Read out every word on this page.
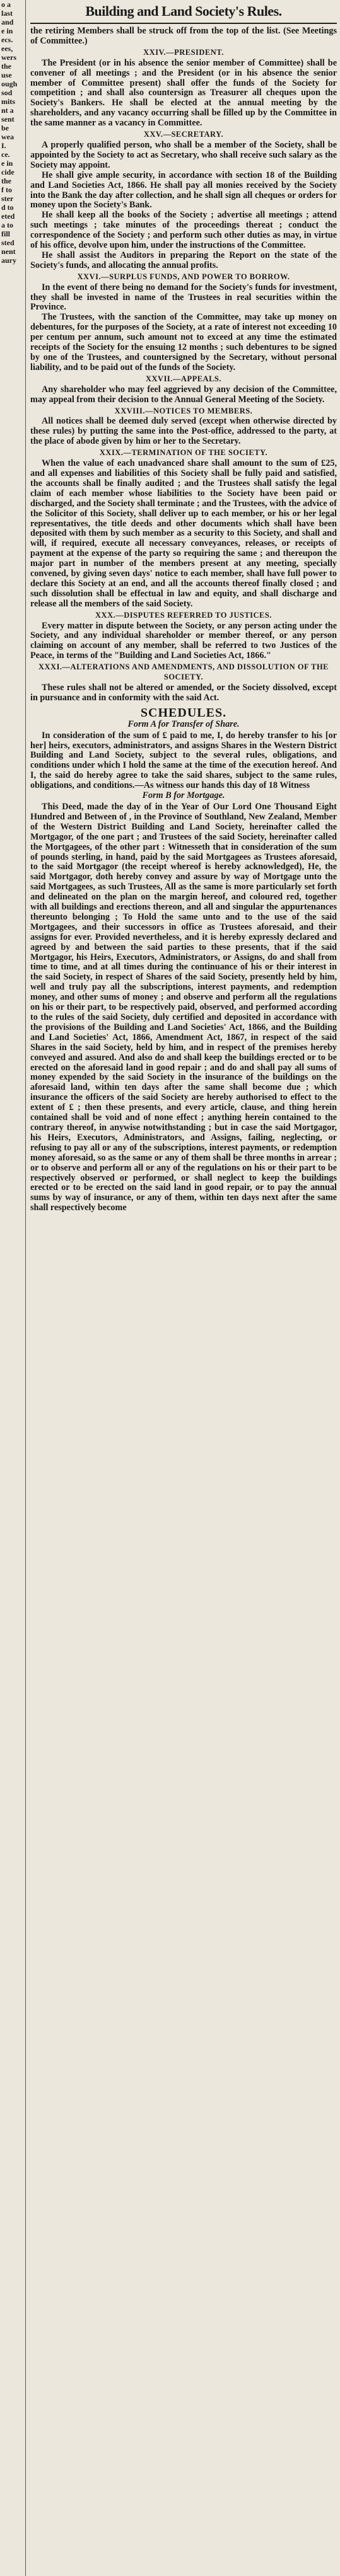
o a
last
and
e in
ecs.
ees,
wers
the
use
ough
sod
mits
nt a
sent
be
wea
I.
ce.
e in
cide
the
f to
ster
d to
eted
a to
fill
sted
nent
aury
Building and Land Society's Rules.

the retiring Members shall be struck off from the top of the list. (See Meetings of Committee.)

XXIV.—PRESIDENT.

The President (or in his absence the senior member of Committee) shall be convener of all meetings ; and the President (or in his absence the senior member of Committee present) shall offer the funds of the Society for competition ; and shall also countersign as Treasurer all cheques upon the Society's Bankers. He shall be elected at the annual meeting by the shareholders, and any vacancy occurring shall be filled up by the Committee in the same manner as a vacancy in Committee.

XXV.—SECRETARY.

A properly qualified person, who shall be a member of the Society, shall be appointed by the Society to act as Secretary, who shall receive such salary as the Society may appoint.

He shall give ample security, in accordance with section 18 of the Building and Land Societies Act, 1866. He shall pay all monies received by the Society into the Bank the day after collection, and he shall sign all cheques or orders for money upon the Society's Bank.

He shall keep all the books of the Society ; advertise all meetings ; attend such meetings ; take minutes of the proceedings thereat ; conduct the correspondence of the Society ; and perform such other duties as may, in virtue of his office, devolve upon him, under the instructions of the Committee.

He shall assist the Auditors in preparing the Report on the state of the Society's funds, and allocating the annual profits.

XXVI.—SURPLUS FUNDS, AND POWER TO BORROW.

In the event of there being no demand for the Society's funds for investment, they shall be invested in name of the Trustees in real securities within the Province.

The Trustees, with the sanction of the Committee, may take up money on debentures, for the purposes of the Society, at a rate of interest not exceeding 10 per centum per annum, such amount not to exceed at any time the estimated receipts of the Society for the ensuing 12 months ; such debentures to be signed by one of the Trustees, and countersigned by the Secretary, without personal liability, and to be paid out of the funds of the Society.

XXVII.—APPEALS.

Any shareholder who may feel aggrieved by any decision of the Committee, may appeal from their decision to the Annual General Meeting of the Society.

XXVIII.—NOTICES TO MEMBERS.

All notices shall be deemed duly served (except when otherwise directed by these rules) by putting the same into the Post-office, addressed to the party, at the place of abode given by him or her to the Secretary.

XXIX.—TERMINATION OF THE SOCIETY.

When the value of each unadvanced share shall amount to the sum of £25, and all expenses and liabilities of this Society shall be fully paid and satisfied, the accounts shall be finally audited ; and the Trustees shall satisfy the legal claim of each member whose liabilities to the Society have been paid or discharged, and the Society shall terminate ; and the Trustees, with the advice of the Solicitor of this Society, shall deliver up to each member, or his or her legal representatives, the title deeds and other documents which shall have been deposited with them by such member as a security to this Society, and shall and will, if required, execute all necessary conveyances, releases, or receipts of payment at the expense of the party so requiring the same ; and thereupon the major part in number of the members present at any meeting, specially convened, by giving seven days' notice to each member, shall have full power to declare this Society at an end, and all the accounts thereof finally closed ; and such dissolution shall be effectual in law and equity, and shall discharge and release all the members of the said Society.

XXX.—DISPUTES REFERRED TO JUSTICES.

Every matter in dispute between the Society, or any person acting under the Society, and any individual shareholder or member thereof, or any person claiming on account of any member, shall be referred to two Justices of the Peace, in terms of the "Building and Land Societies Act, 1866."

XXXI.—ALTERATIONS AND AMENDMENTS, AND DISSOLUTION OF THE SOCIETY.

These rules shall not be altered or amended, or the Society dissolved, except in pursuance and in conformity with the said Act.

SCHEDULES.
Form A for Transfer of Share.

In consideration of the sum of £ paid to me, I, do hereby transfer to his [or her] heirs, executors, administrators, and assigns Shares in the Western District Building and Land Society, subject to the several rules, obligations, and conditions under which I hold the same at the time of the execution hereof. And I, the said do hereby agree to take the said shares, subject to the same rules, obligations, and conditions.—As witness our hands this day of 18 Witness

Form B for Mortgage.

This Deed, made the day of in the Year of Our Lord One Thousand Eight Hundred and Between of , in the Province of Southland, New Zealand, Member of the Western District Building and Land Society, hereinafter called the Mortgagor, of the one part ; and Trustees of the said Society, hereinafter called the Mortgagees, of the other part : Witnesseth that in consideration of the sum of pounds sterling, in hand, paid by the said Mortgagees as Trustees aforesaid, to the said Mortgagor (the receipt whereof is hereby acknowledged), He, the said Mortgagor, doth hereby convey and assure by way of Mortgage unto the said Mortgagees, as such Trustees, All as the same is more particularly set forth and delineated on the plan on the margin hereof, and coloured red, together with all buildings and erections thereon, and all and singular the appurtenances thereunto belonging ; To Hold the same unto and to the use of the said Mortgagees, and their successors in office as Trustees aforesaid, and their assigns for ever. Provided nevertheless, and it is hereby expressly declared and agreed by and between the said parties to these presents, that if the said Mortgagor, his Heirs, Executors, Administrators, or Assigns, do and shall from time to time, and at all times during the continuance of his or their interest in the said Society, in respect of Shares of the said Society, presently held by him, well and truly pay all the subscriptions, interest payments, and redemption money, and other sums of money ; and observe and perform all the regulations on his or their part, to be respectively paid, observed, and performed according to the rules of the said Society, duly certified and deposited in accordance with the provisions of the Building and Land Societies' Act, 1866, and the Building and Land Societies' Act, 1866, Amendment Act, 1867, in respect of the said Shares in the said Society, held by him, and in respect of the premises hereby conveyed and assured. And also do and shall keep the buildings erected or to be erected on the aforesaid land in good repair ; and do and shall pay all sums of money expended by the said Society in the insurance of the buildings on the aforesaid land, within ten days after the same shall become due ; which insurance the officers of the said Society are hereby authorised to effect to the extent of £ ; then these presents, and every article, clause, and thing herein contained shall be void and of none effect ; anything herein contained to the contrary thereof, in anywise notwithstanding ; but in case the said Mortgagor, his Heirs, Executors, Administrators, and Assigns, failing, neglecting, or refusing to pay all or any of the subscriptions, interest payments, or redemption money aforesaid, so as the same or any of them shall be three months in arrear ; or to observe and perform all or any of the regulations on his or their part to be respectively observed or performed, or shall neglect to keep the buildings erected or to be erected on the said land in good repair, or to pay the annual sums by way of insurance, or any of them, within ten days next after the same shall respectively become
